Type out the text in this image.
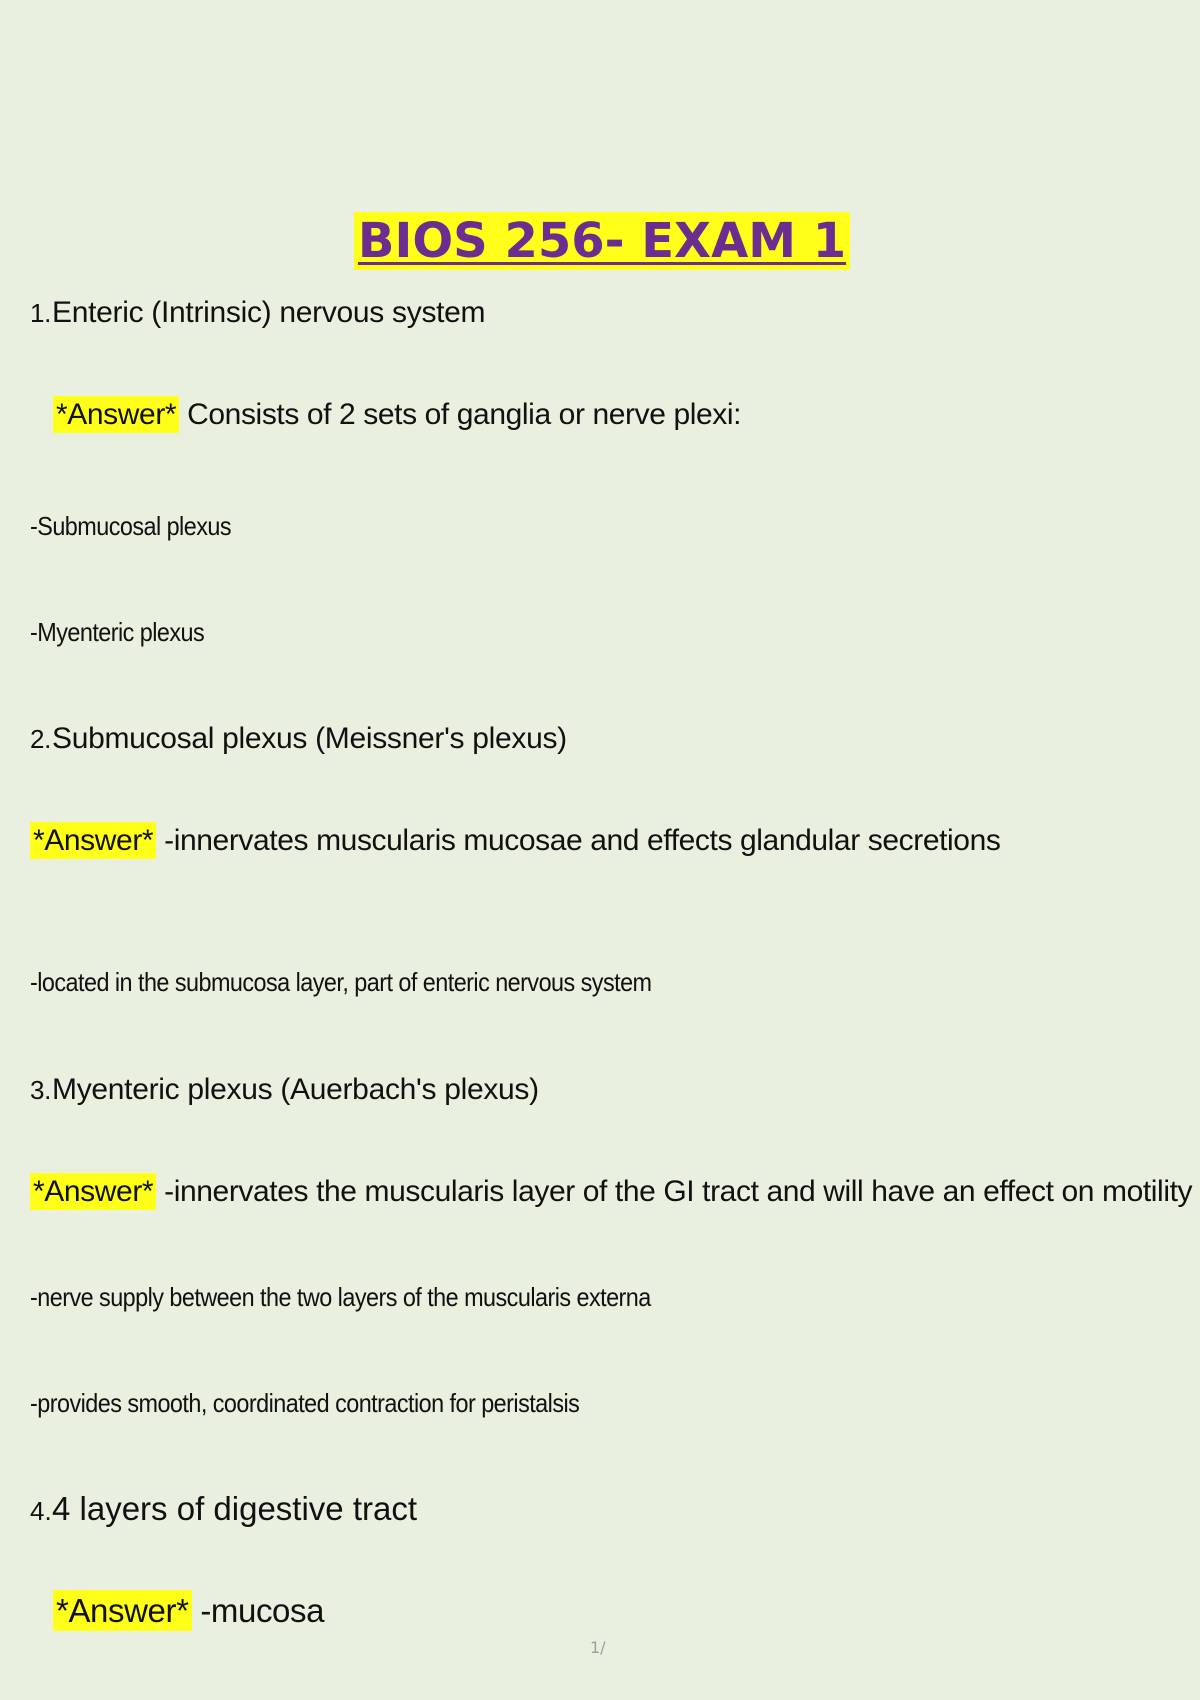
BIOS 256- EXAM 1
1.Enteric (Intrinsic) nervous system
*Answer* Consists of 2 sets of ganglia or nerve plexi:
-Submucosal plexus
-Myenteric plexus
2.Submucosal plexus (Meissner's plexus)
*Answer* -innervates muscularis mucosae and effects glandular secretions
-located in the submucosa layer, part of enteric nervous system
3.Myenteric plexus (Auerbach's plexus)
*Answer* -innervates the muscularis layer of the GI tract and will have an effect on motility
-nerve supply between the two layers of the muscularis externa
-provides smooth, coordinated contraction for peristalsis
4.4 layers of digestive tract
*Answer* -mucosa
1/
